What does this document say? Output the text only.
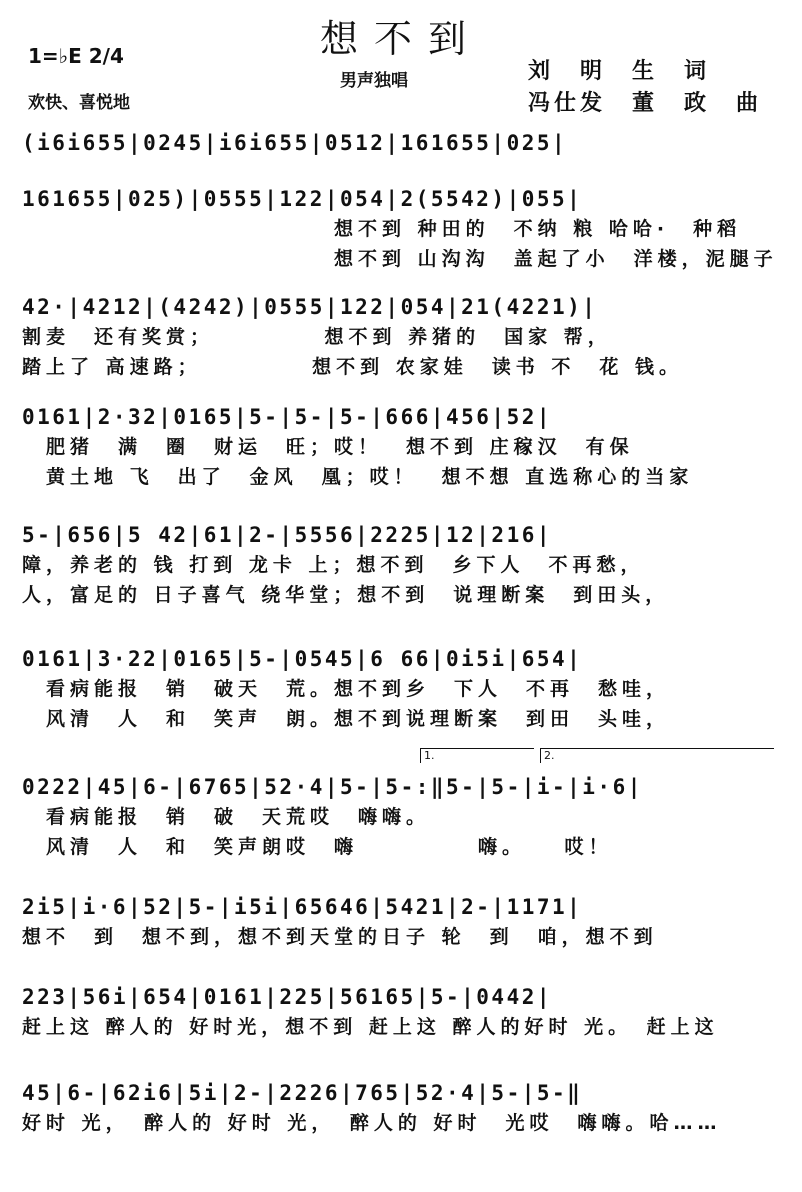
想不到
1=♭E 2/4
欢快、喜悦地
男声独唱	刘　明　生　词
冯仕发　董　政　曲
1.	2.
(i6i655|0245|i6i655|0512|161655|025|
161655|025)|0555|122|054|2(5542)|055|
　　　　　　　　　　　　　想不到 种田的　不纳 粮 哈哈·　种稻
　　　　　　　　　　　　　想不到 山沟沟　盖起了小　洋楼，泥腿子
42·|4212|(4242)|0555|122|054|21(4221)|
割麦　还有奖赏；　　　　　想不到 养猪的　国家 帮，
踏上了 高速路；　　　　　想不到 农家娃　读书 不　花 钱。
0161|2·32|0165|5-|5-|5-|666|456|52|
　肥猪　满　圈　财运　旺；哎！　想不到 庄稼汉　有保
　黄土地 飞　出了　金风　凰；哎！　想不想 直选称心的当家
5-|656|5 42|61|2-|5556|2225|12|216|
障，养老的 钱 打到 龙卡 上；想不到　乡下人　不再愁，
人，富足的 日子喜气 绕华堂；想不到　说理断案　到田头，
0161|3·22|0165|5-|0545|6 66|0i5i|654|
　看病能报　销　破天　荒。想不到乡　下人　不再　愁哇，
　风清　人　和　笑声　朗。想不到说理断案　到田　头哇，
0222|45|6-|6765|52·4|5-|5-:‖5-|5-|i-|i·6|
　看病能报　销　破　天荒哎　嗨嗨。
　风清　人　和　笑声朗哎　嗨　　　　　嗨。　　哎！
2i5|i·6|52|5-|i5i|65646|5421|2-|1171|
想不　到　想不到，想不到天堂的日子 轮　到　咱，想不到
223|56i|654|0161|225|56165|5-|0442|
赶上这 醉人的 好时光，想不到 赶上这 醉人的好时 光。　赶上这
45|6-|62i6|5i|2-|2226|765|52·4|5-|5-‖
好时 光，　醉人的 好时 光，　醉人的 好时　光哎　嗨嗨。哈……
